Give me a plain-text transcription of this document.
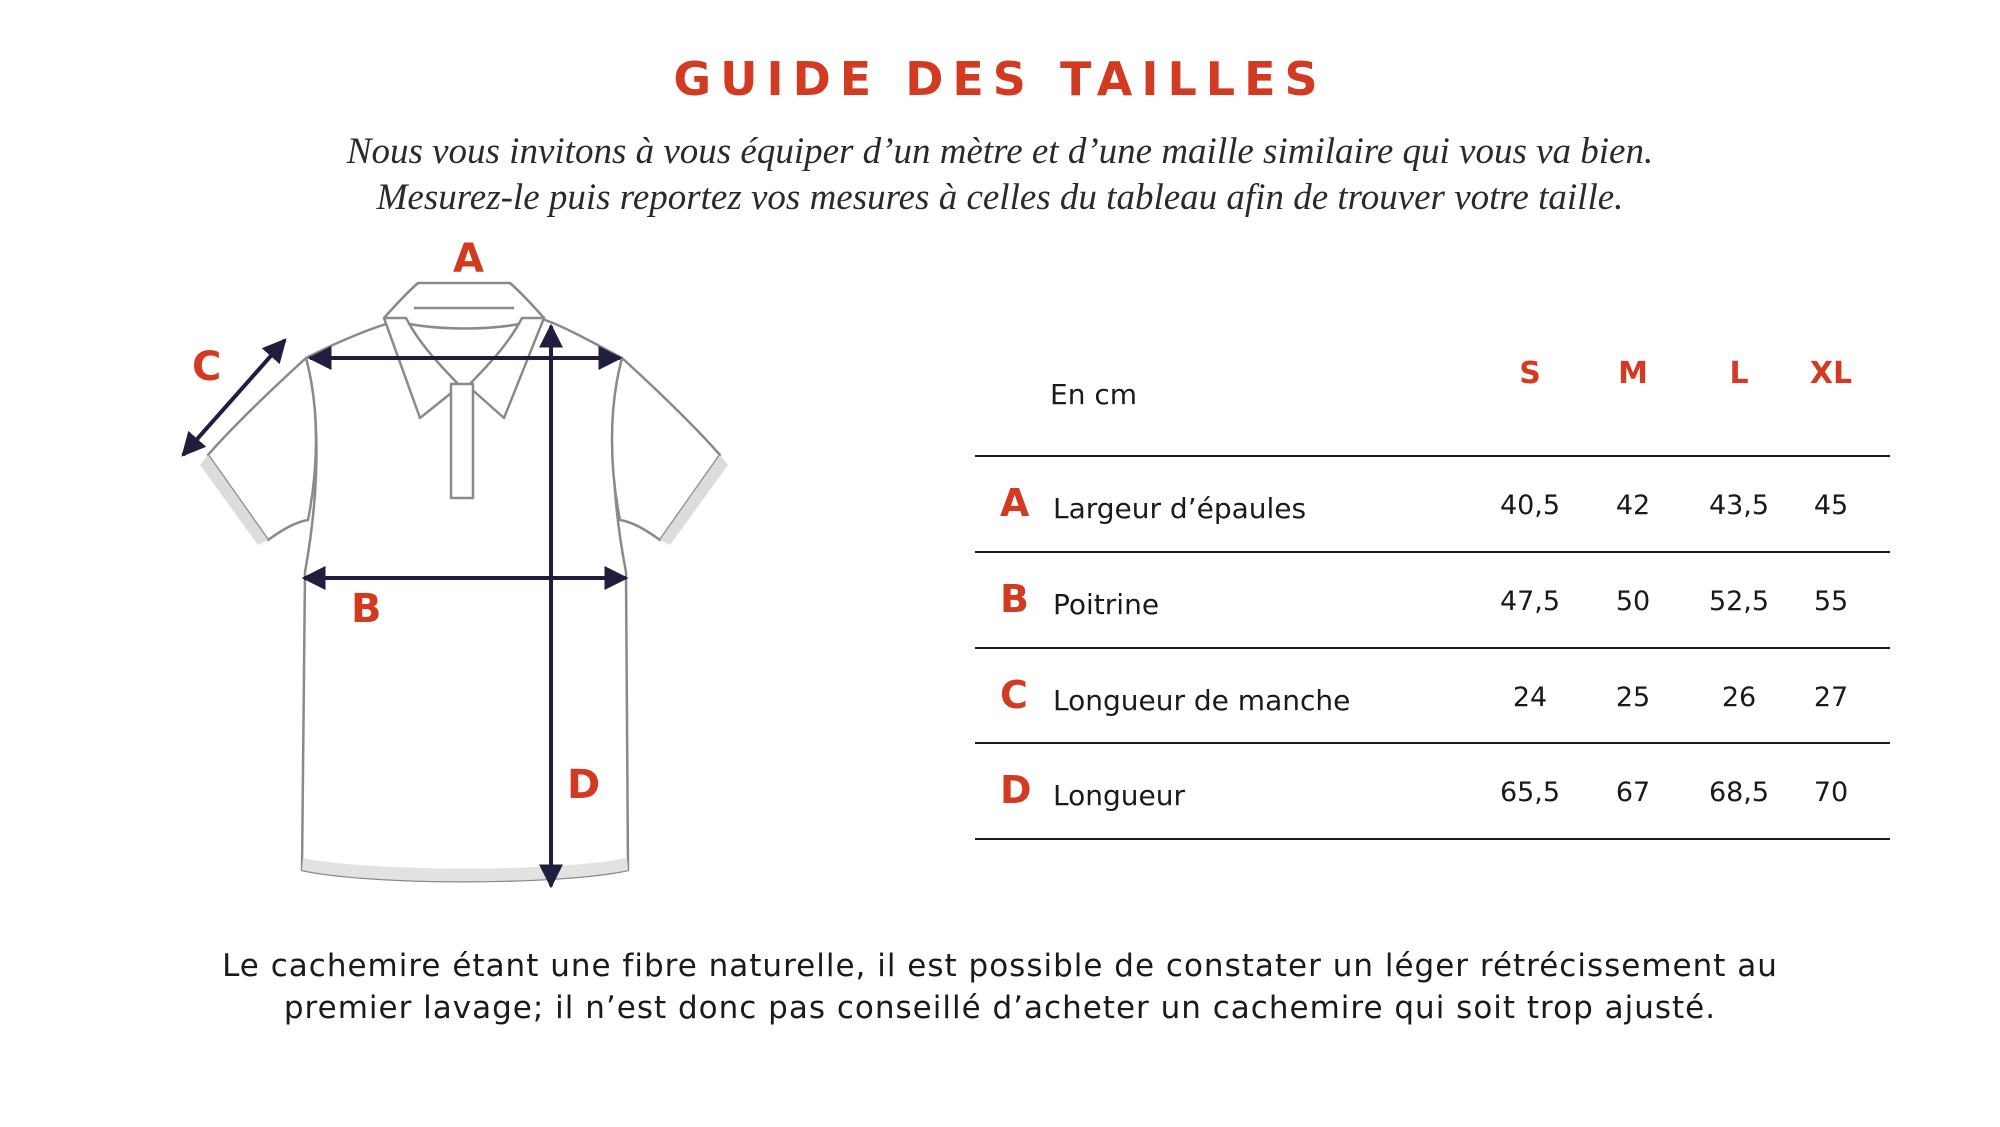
GUIDE DES TAILLES
Nous vous invitons à vous équiper d’un mètre et d’une maille similaire qui vous va bien.
Mesurez-le puis reportez vos mesures à celles du tableau afin de trouver votre taille.
A
B
C
D
En cm
S	M	L	XL
A Largeur d’épaules	40,5	42	43,5	45
B Poitrine	47,5	50	52,5	55
C Longueur de manche	24	25	26	27
D Longueur	65,5	67	68,5	70
Le cachemire étant une fibre naturelle, il est possible de constater un léger rétrécissement au
premier lavage; il n’est donc pas conseillé d’acheter un cachemire qui soit trop ajusté.
